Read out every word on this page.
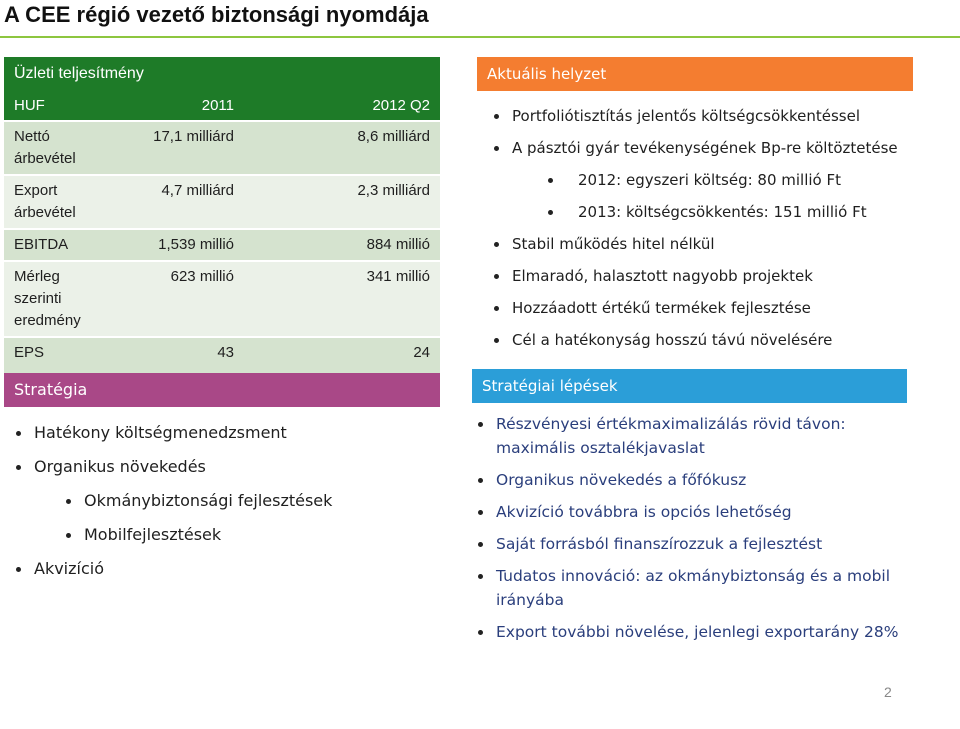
A CEE régió vezető biztonsági nyomdája
Üzleti teljesítmény
HUF	2011	2012 Q2
Nettó árbevétel	17,1 milliárd	8,6 milliárd
Export árbevétel	4,7 milliárd	2,3 milliárd
EBITDA	1,539 millió	884 millió
Mérleg szerinti eredmény	623 millió	341 millió
EPS	43	24
Stratégia
Hatékony költségmenedzsment
Organikus növekedés
Okmánybiztonsági fejlesztések
Mobilfejlesztések
Akvizíció
Aktuális helyzet
Portfoliótisztítás jelentős költségcsökkentéssel
A pásztói gyár tevékenységének Bp-re költöztetése
2012: egyszeri költség: 80 millió Ft
2013: költségcsökkentés: 151 millió Ft
Stabil működés hitel nélkül
Elmaradó, halasztott nagyobb projektek
Hozzáadott értékű termékek fejlesztése
Cél a hatékonyság hosszú távú növelésére
Stratégiai lépések
Részvényesi értékmaximalizálás rövid távon: maximális osztalékjavaslat
Organikus növekedés a főfókusz
Akvizíció továbbra is opciós lehetőség
Saját forrásból finanszírozzuk a fejlesztést
Tudatos innováció: az okmánybiztonság és a mobil irányába
Export további növelése, jelenlegi exportarány 28%
2
